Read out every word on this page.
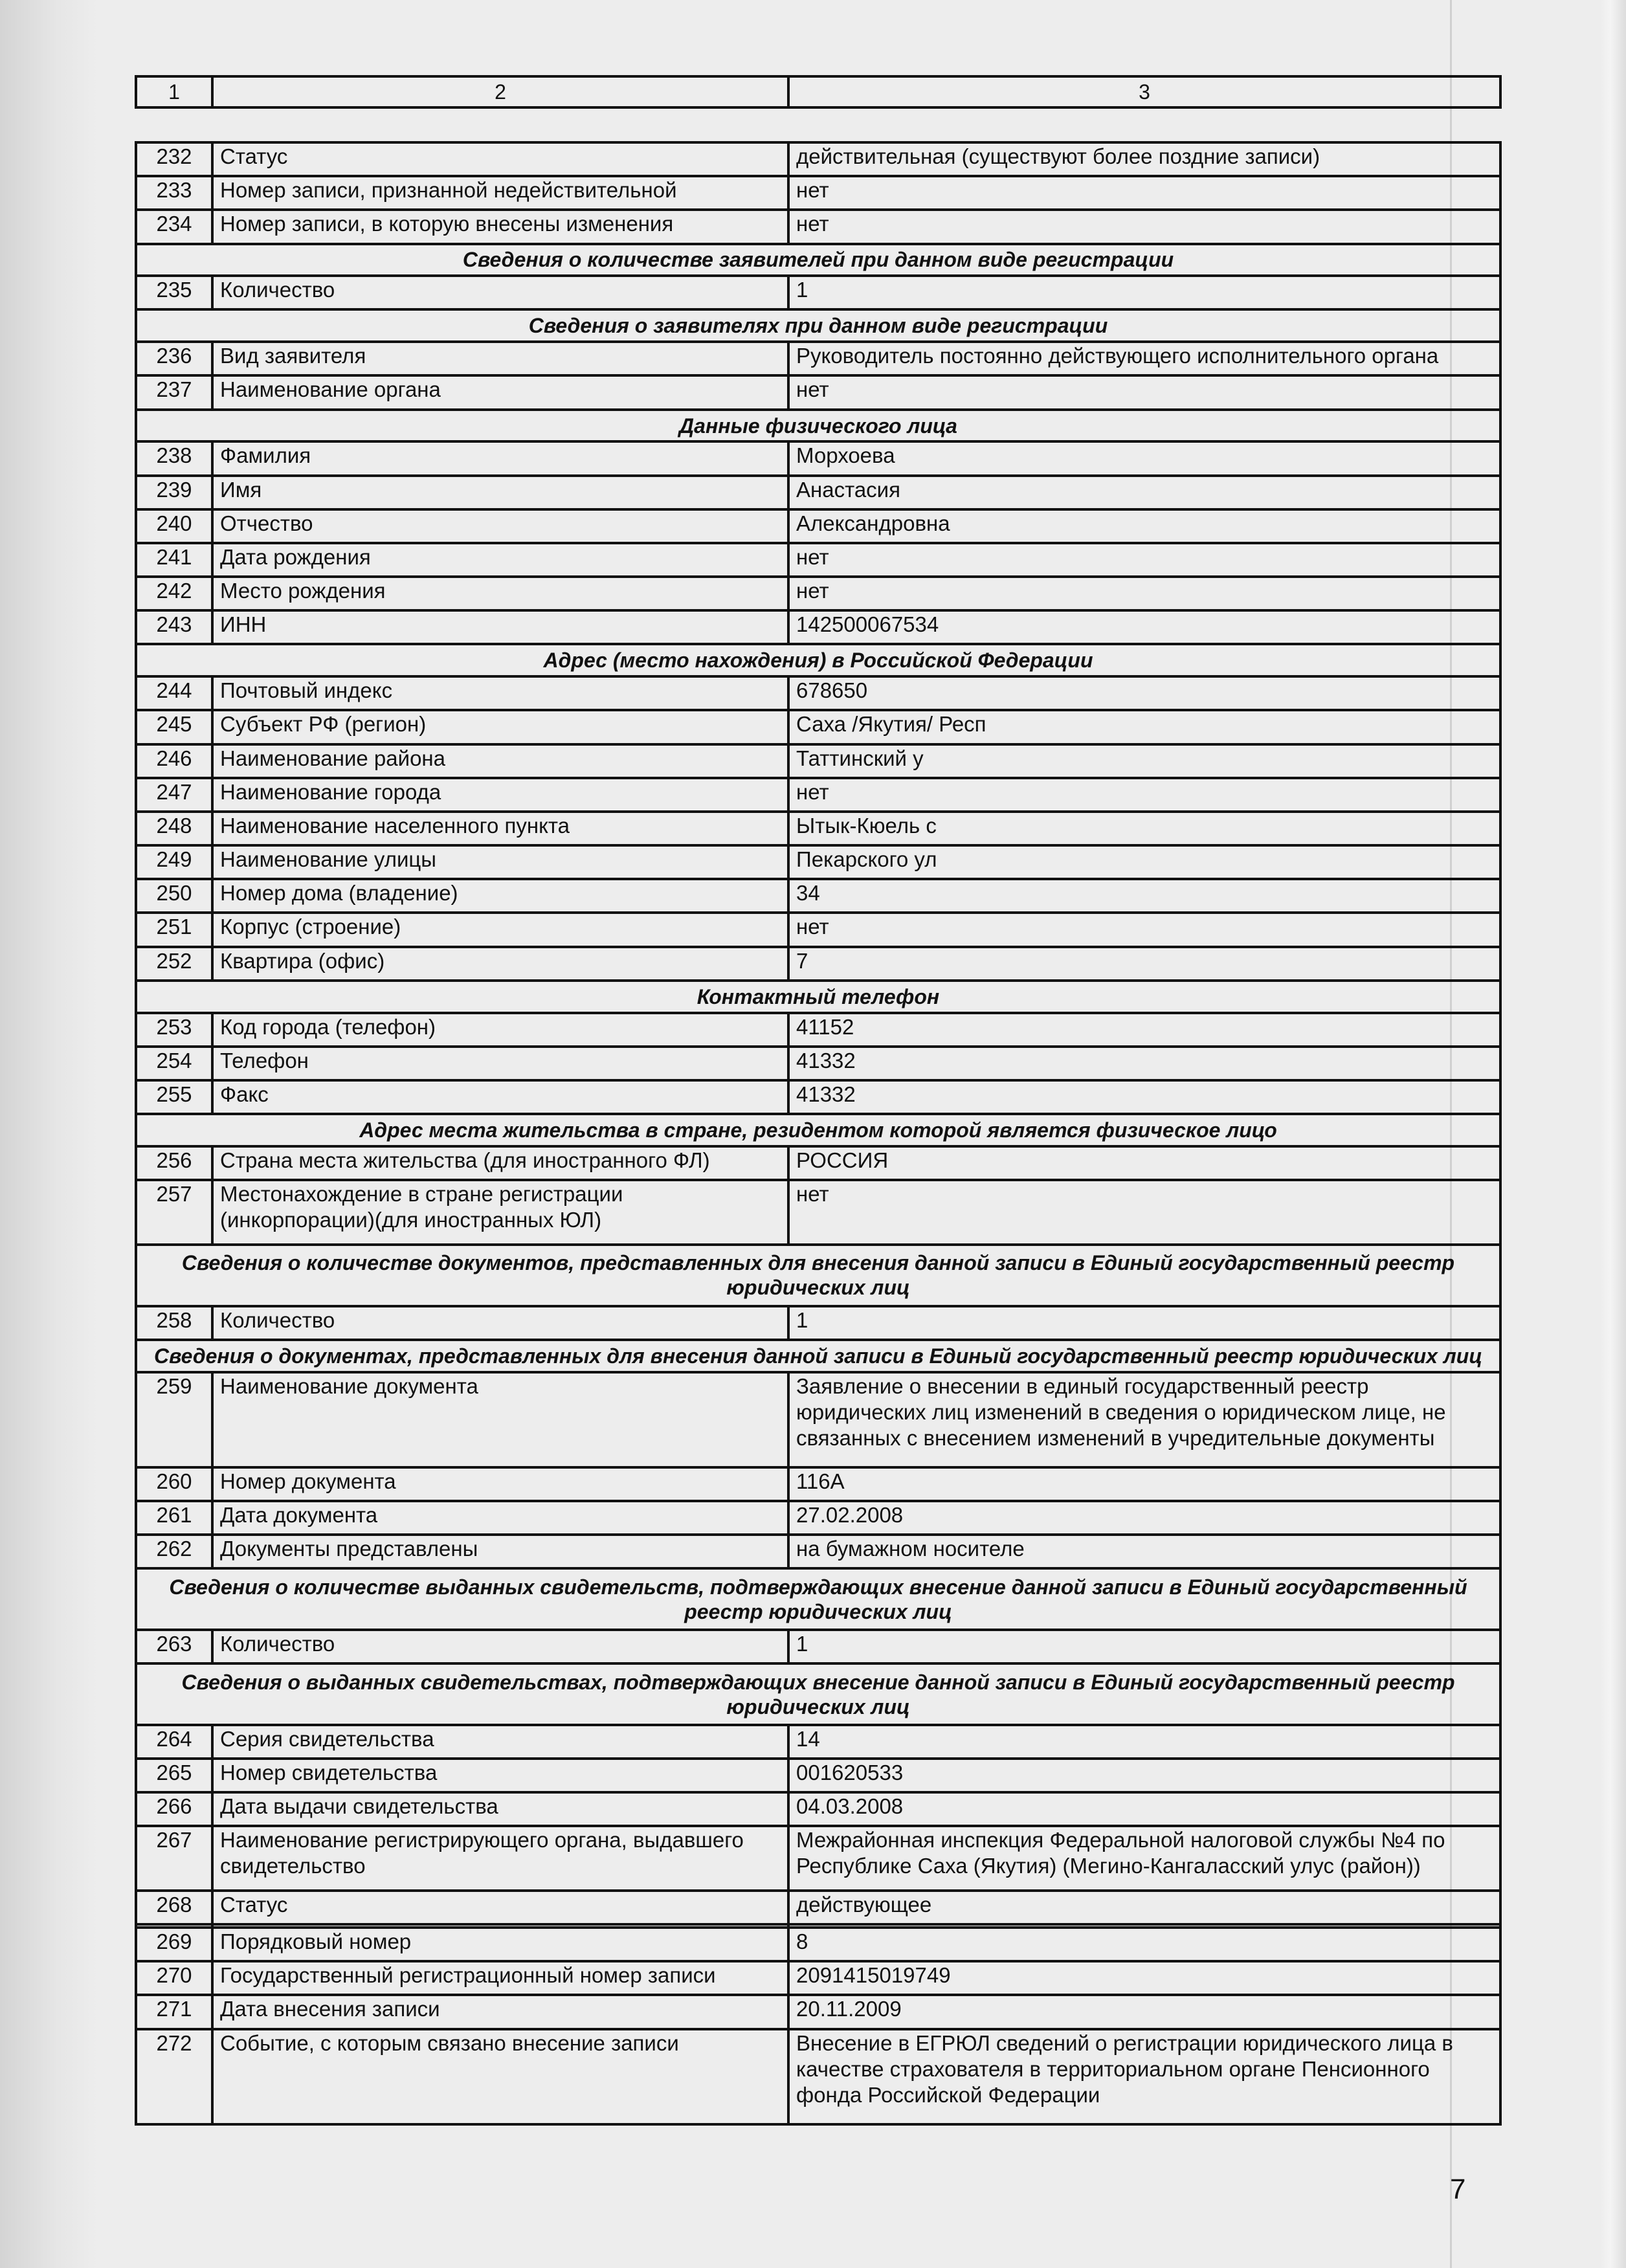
1	2	3
232	Статус	действительная (существуют более поздние записи)
233	Номер записи, признанной недействительной	нет
234	Номер записи, в которую внесены изменения	нет
Сведения о количестве заявителей при данном виде регистрации		
235	Количество	1
Сведения о заявителях при данном виде регистрации		
236	Вид заявителя	Руководитель постоянно действующего исполнительного органа
237	Наименование органа	нет
Данные физического лица		
238	Фамилия	Морхоева
239	Имя	Анастасия
240	Отчество	Александровна
241	Дата рождения	нет
242	Место рождения	нет
243	ИНН	142500067534
Адрес (место нахождения) в Российской Федерации		
244	Почтовый индекс	678650
245	Субъект РФ (регион)	Саха /Якутия/ Респ
246	Наименование района	Таттинский у
247	Наименование города	нет
248	Наименование населенного пункта	Ытык-Кюель с
249	Наименование улицы	Пекарского ул
250	Номер дома (владение)	34
251	Корпус (строение)	нет
252	Квартира (офис)	7
Контактный телефон		
253	Код города (телефон)	41152
254	Телефон	41332
255	Факс	41332
Адрес места жительства в стране, резидентом которой является физическое лицо		
256	Страна места жительства (для иностранного ФЛ)	РОССИЯ
257	Местонахождение в стране регистрации (инкорпорации)(для иностранных ЮЛ)	нет
Сведения о количестве документов, представленных для внесения данной записи в Единый государственный реестр юридических лиц		
258	Количество	1
Сведения о документах, представленных для внесения данной записи в Единый государственный реестр юридических лиц		
259	Наименование документа	Заявление о внесении в единый государственный реестр юридических лиц изменений в сведения о юридическом лице, не связанных с внесением изменений в учредительные документы
260	Номер документа	116А
261	Дата документа	27.02.2008
262	Документы представлены	на бумажном носителе
Сведения о количестве выданных свидетельств, подтверждающих внесение данной записи в Единый государственный реестр юридических лиц		
263	Количество	1
Сведения о выданных свидетельствах, подтверждающих внесение данной записи в Единый государственный реестр юридических лиц		
264	Серия свидетельства	14
265	Номер свидетельства	001620533
266	Дата выдачи свидетельства	04.03.2008
267	Наименование регистрирующего органа, выдавшего свидетельство	Межрайонная инспекция Федеральной налоговой службы №4 по Республике Саха (Якутия) (Мегино-Кангаласский улус (район))
268	Статус	действующее

269	Порядковый номер	8
270	Государственный регистрационный номер записи	2091415019749
271	Дата внесения записи	20.11.2009
272	Событие, с которым связано внесение записи	Внесение в ЕГРЮЛ сведений о регистрации юридического лица в качестве страхователя в территориальном органе Пенсионного фонда Российской Федерации
7
